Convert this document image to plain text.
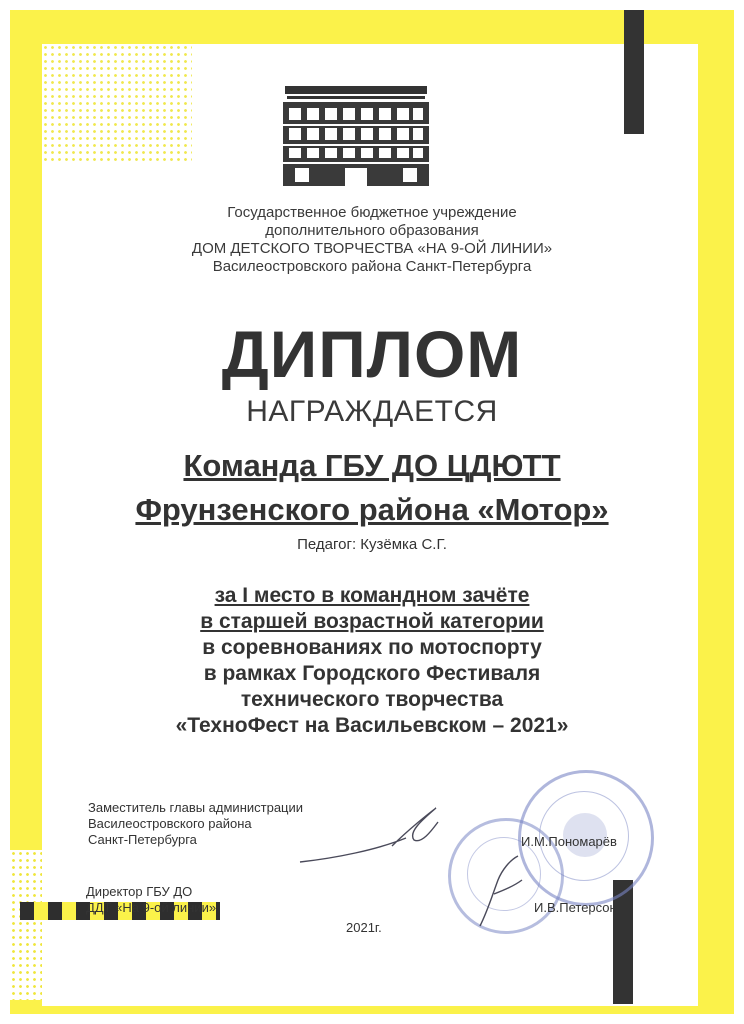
Государственное бюджетное учреждение
дополнительного образования
ДОМ ДЕТСКОГО ТВОРЧЕСТВА «НА 9-ОЙ ЛИНИИ»
Василеостровского района Санкт-Петербурга
ДИПЛОМ
НАГРАЖДАЕТСЯ
Команда ГБУ ДО ЦДЮТТ
Фрунзенского района «Мотор»
Педагог: Кузёмка С.Г.
за I место в командном зачёте
в старшей возрастной категории
в соревнованиях по мотоспорту
в рамках Городского Фестиваля
технического творчества
«ТехноФест на Васильевском – 2021»
Заместитель главы администрации
Василеостровского района
Санкт-Петербурга	И.М.Пономарёв
Директор ГБУ ДО
ДДТ «На 9-ой линии»	И.В.Петерсон
2021г.
